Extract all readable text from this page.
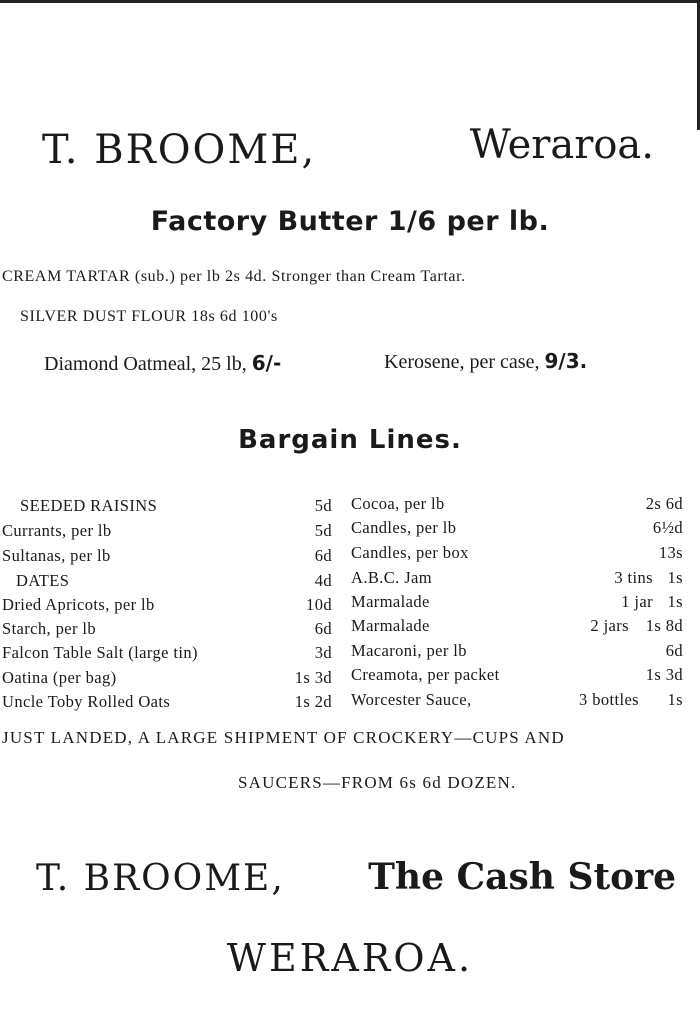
T. BROOME,	Weraroa.
Factory Butter 1/6 per lb.
CREAM TARTAR (sub.) per lb 2s 4d. Stronger than Cream Tartar.
SILVER DUST FLOUR 18s 6d 100's
Diamond Oatmeal, 25 lb, 6/-	Kerosene, per case, 9/3.
Bargain Lines.
SEEDED RAISINS	5d
Currants, per lb	5d
Sultanas, per lb	6d
DATES	4d
Dried Apricots, per lb	10d
Starch, per lb	6d
Falcon Table Salt (large tin)	3d
Oatina (per bag)	1s 3d
Uncle Toby Rolled Oats	1s 2d
Cocoa, per lb	2s 6d
Candles, per lb	6½d
Candles, per box	13s
A.B.C. Jam	3 tins 1s
Marmalade	1 jar 1s
Marmalade	2 jars 1s 8d
Macaroni, per lb	6d
Creamota, per packet	1s 3d
Worcester Sauce,	3 bottles 1s
JUST LANDED, A LARGE SHIPMENT OF CROCKERY—CUPS AND
SAUCERS—FROM 6s 6d DOZEN.
T. BROOME, The Cash Store
WERAROA.
